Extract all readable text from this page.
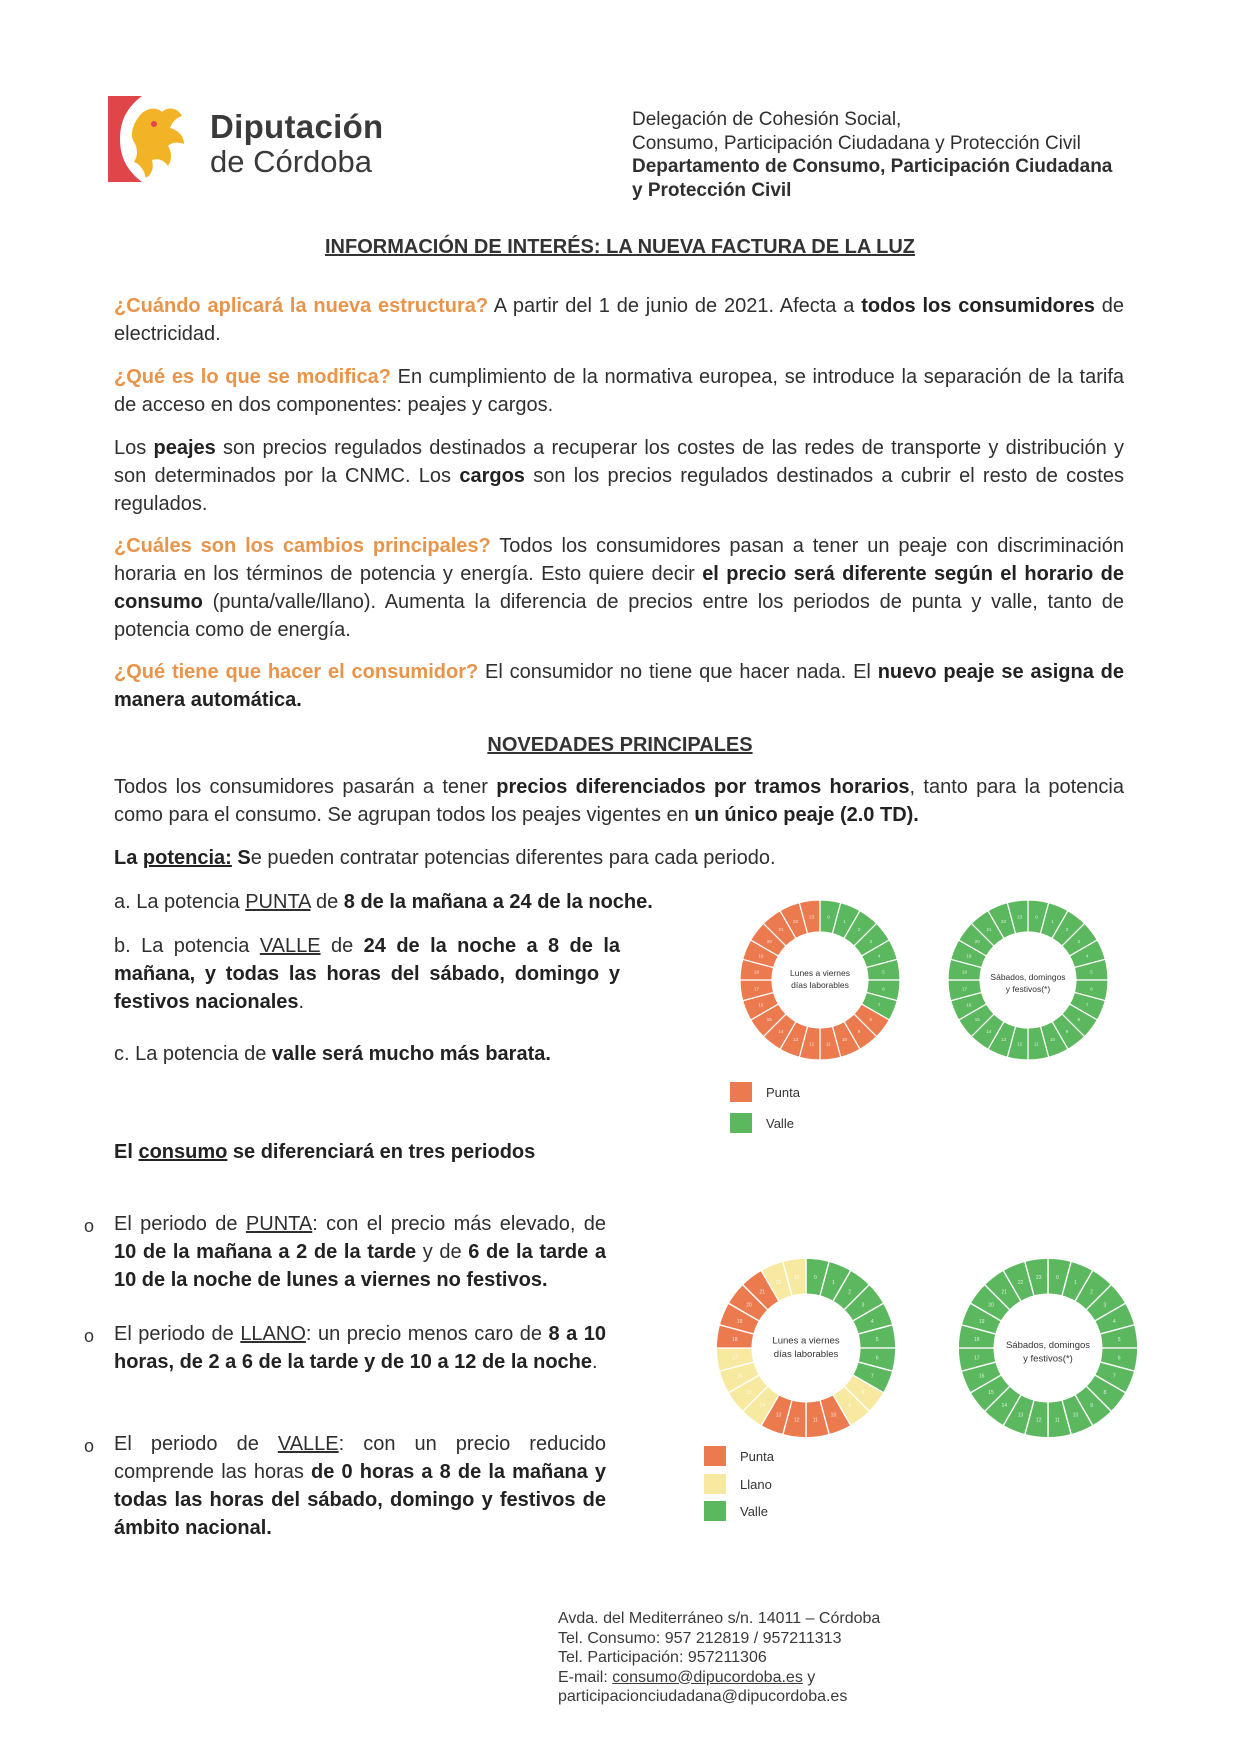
Diputación
de Córdoba
Delegación de Cohesión Social,
Consumo, Participación Ciudadana y Protección Civil
Departamento de Consumo, Participación Ciudadana
y Protección Civil
INFORMACIÓN DE INTERÉS: LA NUEVA FACTURA DE LA LUZ

¿Cuándo aplicará la nueva estructura? A partir del 1 de junio de 2021. Afecta a todos los consumidores de electricidad.

¿Qué es lo que se modifica? En cumplimiento de la normativa europea, se introduce la separación de la tarifa de acceso en dos componentes: peajes y cargos.

Los peajes son precios regulados destinados a recuperar los costes de las redes de transporte y distribución y son determinados por la CNMC. Los cargos son los precios regulados destinados a cubrir el resto de costes regulados.

¿Cuáles son los cambios principales? Todos los consumidores pasan a tener un peaje con discriminación horaria en los términos de potencia y energía. Esto quiere decir el precio será diferente según el horario de consumo (punta/valle/llano). Aumenta la diferencia de precios entre los periodos de punta y valle, tanto de potencia como de energía.

¿Qué tiene que hacer el consumidor? El consumidor no tiene que hacer nada. El nuevo peaje se asigna de manera automática.

NOVEDADES PRINCIPALES

Todos los consumidores pasarán a tener precios diferenciados por tramos horarios, tanto para la potencia como para el consumo. Se agrupan todos los peajes vigentes en un único peaje (2.0 TD).

La potencia: Se pueden contratar potencias diferentes para cada periodo.

a. La potencia PUNTA de 8 de la mañana a 24 de la noche.

b. La potencia VALLE de 24 de la noche a 8 de la mañana, y todas las horas del sábado, domingo y festivos nacionales.

c. La potencia de valle será mucho más barata.

El consumo se diferenciará en tres periodos

o El periodo de PUNTA: con el precio más elevado, de 10 de la mañana a 2 de la tarde y de 6 de la tarde a 10 de la noche de lunes a viernes no festivos.

o El periodo de LLANO: un precio menos caro de 8 a 10 horas, de 2 a 6 de la tarde y de 10 a 12 de la noche.

o El periodo de VALLE: con un precio reducido comprende las horas de 0 horas a 8 de la mañana y todas las horas del sábado, domingo y festivos de ámbito nacional.

0
1
2
3
4
5
6
7
8
9
10
11
12
13
14
15
16
17
18
19
20
21
22
23
Lunes a viernes
días laborables
0
1
2
3
4
5
6
7
8
9
10
11
12
13
14
15
16
17
18
19
20
21
22
23
Sábados, domingos
y festivos(*)
Punta
Valle
0
1
2
3
4
5
6
7
8
9
10
11
12
13
14
15
16
17
18
19
20
21
22
23
Lunes a viernes
días laborables
0
1
2
3
4
5
6
7
8
9
10
11
12
13
14
15
16
17
18
19
20
21
22
23
Sábados, domingos
y festivos(*)
Punta
Llano
Valle
Avda. del Mediterráneo s/n. 14011 – Córdoba
Tel. Consumo: 957 212819 / 957211313
Tel. Participación: 957211306
E-mail: consumo@dipucordoba.es y
participacionciudadana@dipucordoba.es
